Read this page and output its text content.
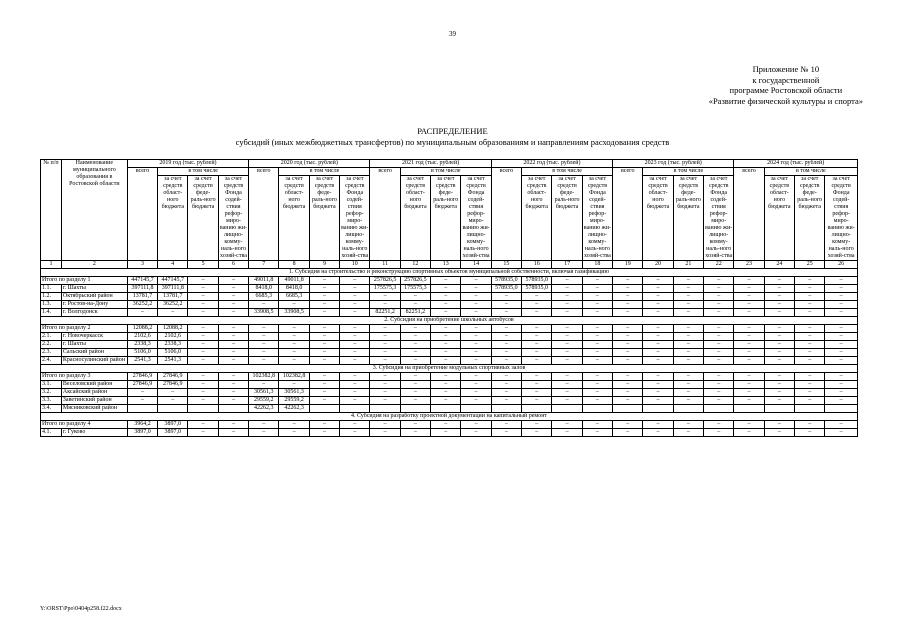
39
Приложение № 10
к государственной
программе Ростовской области
«Развитие физической культуры и спорта»
РАСПРЕДЕЛЕНИЕ
субсидий (иных межбюджетных трансфертов) по муниципальным образованиям и направлениям расходования средств
№ п/п	Наименование муниципального образования в Ростовской области	2019 год (тыс. рублей)				2020 год (тыс. рублей)				2021 год (тыс. рублей)				2022 год (тыс. рублей)				2023 год (тыс. рублей)				2024 год (тыс. рублей)			
		всего	в том числе			всего	в том числе			всего	в том числе			всего	в том числе			всего	в том числе			всего	в том числе		
			за счет средств област-ного бюджета	за счет средств феде-раль-ного бюджета	за счет средств Фонда содей-ствия рефор-миро-ванию жи-лищно-комму-наль-ного хозяй-ства		за счет средств област-ного бюджета	за счет средств феде-раль-ного бюджета	за счет средств Фонда содей-ствия рефор-миро-ванию жи-лищно-комму-наль-ного хозяй-ства		за счет средств област-ного бюджета	за счет средств феде-раль-ного бюджета	за счет средств Фонда содей-ствия рефор-миро-ванию жи-лищно-комму-наль-ного хозяй-ства		за счет средств област-ного бюджета	за счет средств феде-раль-ного бюджета	за счет средств Фонда содей-ствия рефор-миро-ванию жи-лищно-комму-наль-ного хозяй-ства		за счет средств област-ного бюджета	за счет средств феде-раль-ного бюджета	за счет средств Фонда содей-ствия рефор-миро-ванию жи-лищно-комму-наль-ного хозяй-ства		за счет средств област-ного бюджета	за счет средств феде-раль-ного бюджета	за счет средств Фонда содей-ствия рефор-миро-ванию жи-лищно-комму-наль-ного хозяй-ства
1	2	3	4	5	6	7	8	9	10	11	12	13	14	15	16	17	18	19	20	21	22	23	24	25	26
1. Субсидия на строительство и реконструкцию спортивных объектов муниципальной собственности, включая газификацию																									
Итого по разделу 1		447145,7	447145,7	–	–	49011,8	49011,8	–	–	257826,5	257826,5	–	–	578935,0	578935,0	–	–	–	–	–	–	–	–	–	–
1.1.	г. Шахты	397111,8	397111,8	–	–	8418,0	8418,0	–	–	175575,3	175575,3	–	–	578935,0	578935,0	–	–	–	–	–	–	–	–	–	–
1.2.	Октябрьский район	13781,7	13781,7	–	–	6685,3	6685,3	–	–	–	–	–	–	–	–	–	–	–	–	–	–	–	–	–	–
1.3.	г. Ростов-на-Дону	36252,2	36252,2	–	–	–	–	–	–	–	–	–	–	–	–	–	–	–	–	–	–	–	–	–	–
1.4.	г. Волгодонск	–	–	–	–	33908,5	33908,5	–	–	82251,2	82251,2	–	–	–	–	–	–	–	–	–	–	–	–	–	–
2. Субсидия на приобретение школьных автобусов																									
Итого по разделу 2		12088,2	12088,2	–	–	–	–	–	–	–	–	–	–	–	–	–	–	–	–	–	–	–	–	–	–
2.1.	г. Новочеркасск	2102,6	2102,6	–	–	–	–	–	–	–	–	–	–	–	–	–	–	–	–	–	–	–	–	–	–
2.2.	г. Шахты	2338,3	2338,3	–	–	–	–	–	–	–	–	–	–	–	–	–	–	–	–	–	–	–	–	–	–
2.3.	Сальский район	5106,0	5106,0	–	–	–	–	–	–	–	–	–	–	–	–	–	–	–	–	–	–	–	–	–	–
2.4.	Красносулинский район	2541,3	2541,3	–	–	–	–	–	–	–	–	–	–	–	–	–	–	–	–	–	–	–	–	–	–
3. Субсидия на приобретение модульных спортивных залов																									
Итого по разделу 3		27846,9	27846,9	–	–	102382,8	102382,8	–	–	–	–	–	–	–	–	–	–	–	–	–	–	–	–	–	–
3.1.	Веселовский район	27846,9	27846,9	–	–	–	–	–	–	–	–	–	–	–	–	–	–	–	–	–	–	–	–	–	–
3.2.	Аксайский район	–	–	–	–	30561,3	30561,3	–	–	–	–	–	–	–	–	–	–	–	–	–	–	–	–	–	–
3.3.	Заветинский район	–	–	–	–	29559,2	29559,2	–	–	–	–	–	–	–	–	–	–	–	–	–	–	–	–	–	–
3.4.	Мясниковский район					42262,3	42262,3																		
4. Субсидия на разработку проектной документации на капитальный ремонт																									
Итого по разделу 4		3964,2	3897,0	–	–	–	–	–	–	–	–	–	–	–	–	–	–	–	–	–	–	–	–	–	–
4.1.	г. Гуково	3897,0	3897,0	–	–	–	–	–	–	–	–	–	–	–	–	–	–	–	–	–	–	–	–	–	–
Y:\ORST\Ppo\0404p258.f22.docx
